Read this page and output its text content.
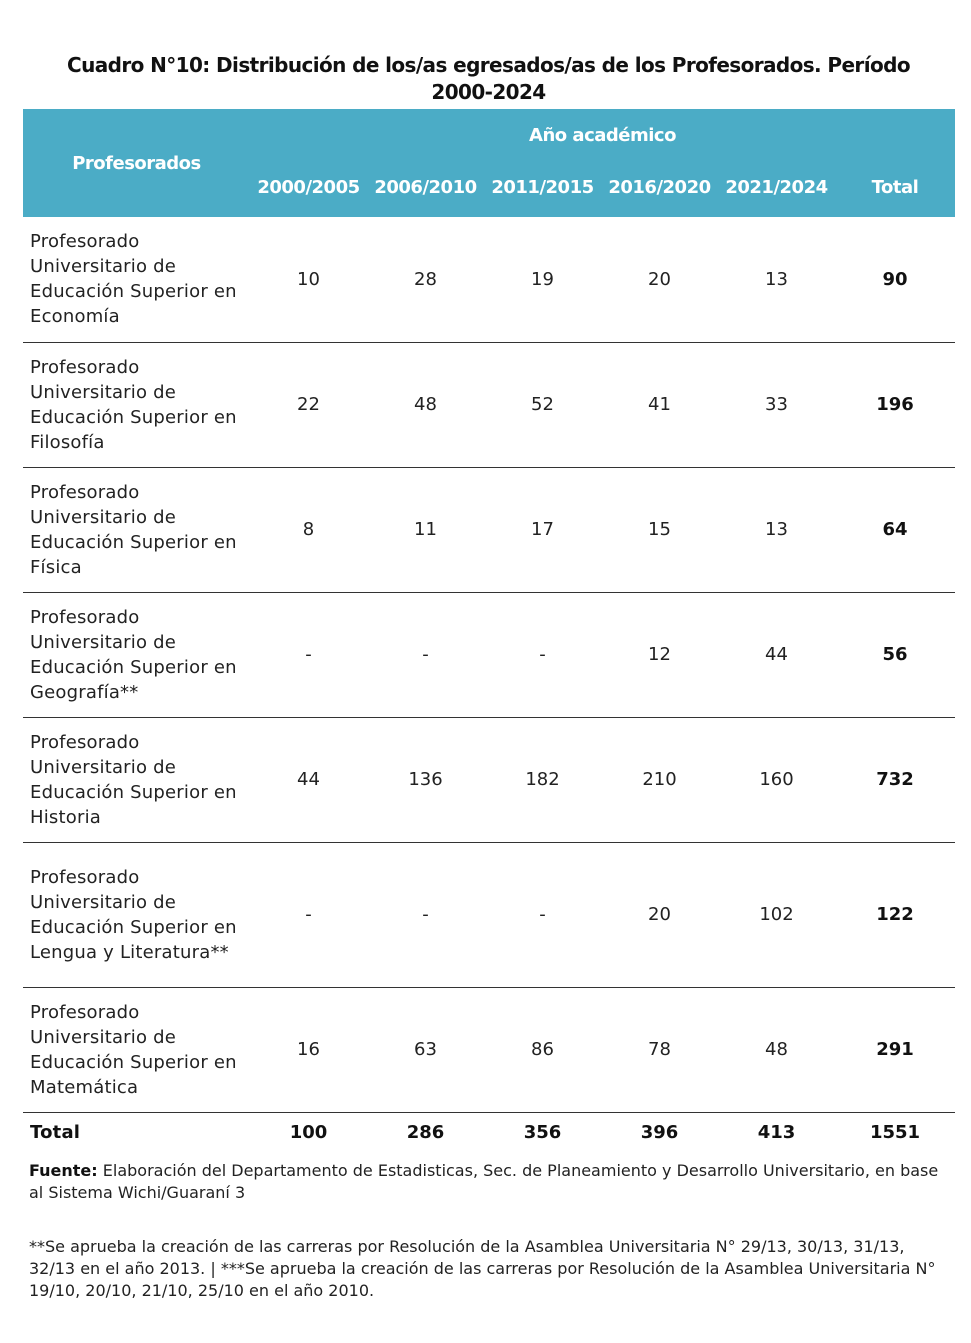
Cuadro N°10: Distribución de los/as egresados/as de los Profesorados. Período 2000-2024
Profesorados	Año académico					
	2000/2005	2006/2010	2011/2015	2016/2020	2021/2024	Total
Profesorado Universitario de Educación Superior en Economía	10	28	19	20	13	90
Profesorado Universitario de Educación Superior en Filosofía	22	48	52	41	33	196
Profesorado Universitario de Educación Superior en Física	8	11	17	15	13	64
Profesorado Universitario de Educación Superior en Geografía**	-	-	-	12	44	56
Profesorado Universitario de Educación Superior en Historia	44	136	182	210	160	732
Profesorado Universitario de Educación Superior en Lengua y Literatura**	-	-	-	20	102	122
Profesorado Universitario de Educación Superior en Matemática	16	63	86	78	48	291
Total	100	286	356	396	413	1551
Fuente: Elaboración del Departamento de Estadisticas, Sec. de Planeamiento y Desarrollo Universitario, en base al Sistema Wichi/Guaraní 3
**Se aprueba la creación de las carreras por Resolución de la Asamblea Universitaria N° 29/13, 30/13, 31/13, 32/13 en el año 2013. | ***Se aprueba la creación de las carreras por Resolución de la Asamblea Universitaria N° 19/10, 20/10, 21/10, 25/10 en el año 2010.
